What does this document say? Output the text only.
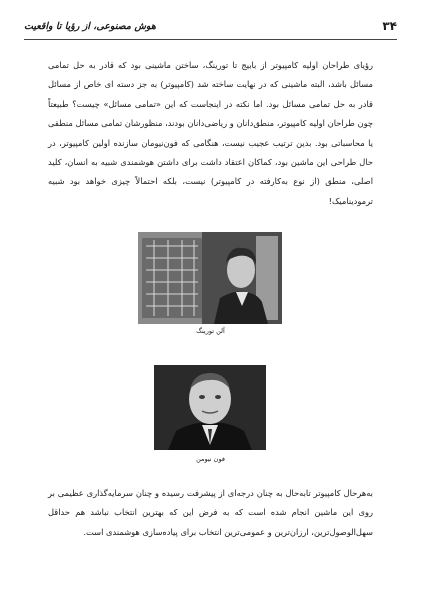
۳۴
هوش مصنوعی، از رؤیا تا واقعیت
رؤیای طراحان اولیه کامپیوتر از بابیج تا تورینگ، ساختن ماشینی بود که قادر به حل تمامی مسائل باشد، البته ماشینی که در نهایت ساخته شد (کامپیوتر) به جز دسته ای خاص از مسائل قادر به حل تمامی مسائل بود. اما نکته در اینجاست که این «تمامی مسائل» چیست؟ طبیعتاً چون طراحان اولیه کامپیوتر، منطق‌دانان و ریاضی‌دانان بودند، منظورشان تمامی مسائل منطقی یا محاسباتی بود. بدین ترتیب عجیب نیست، هنگامی که فون‌نیومان سازنده اولین کامپیوتر، در حال طراحی این ماشین بود، کماکان اعتقاد داشت برای داشتن هوشمندی شبیه به انسان، کلید اصلی، منطق (از نوع به‌کارفته در کامپیوتر) نیست، بلکه احتمالاً چیزی خواهد بود شبیه ترمودینامیک!
آلن تورینگ
فون نیومن
به‌هرحال کامپیوتر تابه‌حال به چنان درجه‌ای از پیشرفت رسیده و چنان سرمایه‌گذاری عظیمی بر روی این ماشین انجام شده است که به فرض این که بهترین انتخاب نباشد هم حداقل سهل‌الوصول‌ترین، ارزان‌ترین و عمومی‌ترین انتخاب برای پیاده‌سازی هوشمندی است.
